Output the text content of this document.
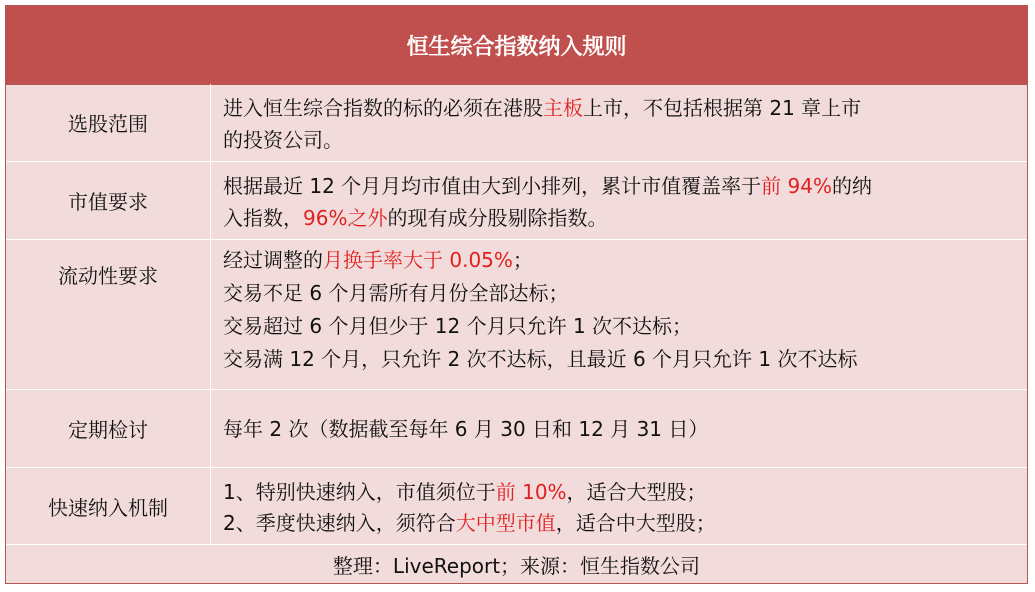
恒生综合指数纳入规则
选股范围
进入恒生综合指数的标的必须在港股主板上市，不包括根据第 21 章上市
的投资公司。
市值要求
根据最近 12 个月月均市值由大到小排列，累计市值覆盖率于前 94%的纳
入指数，96%之外的现有成分股剔除指数。
流动性要求
经过调整的月换手率大于 0.05%；
交易不足 6 个月需所有月份全部达标；
交易超过 6 个月但少于 12 个月只允许 1 次不达标；
交易满 12 个月，只允许 2 次不达标，且最近 6 个月只允许 1 次不达标
定期检讨	每年 2 次（数据截至每年 6 月 30 日和 12 月 31 日）
快速纳入机制
1、特别快速纳入，市值须位于前 10%，适合大型股；
2、季度快速纳入，须符合大中型市值，适合中大型股；
整理：LiveReport；来源：恒生指数公司
